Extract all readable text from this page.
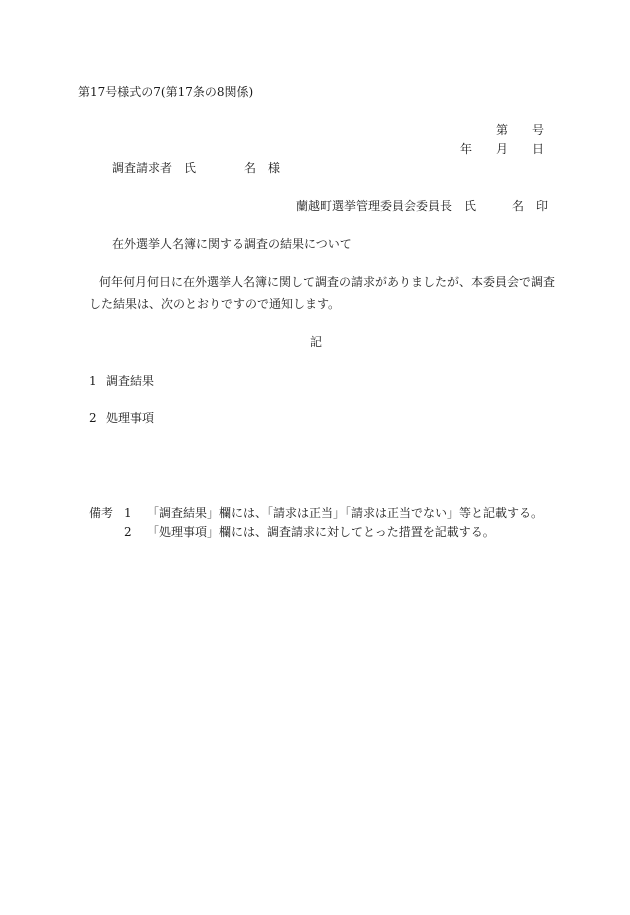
第17号様式の7(第17条の8関係)
第　　号
年　　月　　日
調査請求者　氏　　　　名　様
蘭越町選挙管理委員会委員長　氏　　　名　印
在外選挙人名簿に関する調査の結果について
何年何月何日に在外選挙人名簿に関して調査の請求がありましたが、本委員会で調査
した結果は、次のとおりですので通知します。
記
1 調査結果
2 処理事項
備考 1 「調査結果」欄には、「請求は正当」「請求は正当でない」等と記載する。
2 「処理事項」欄には、調査請求に対してとった措置を記載する。
